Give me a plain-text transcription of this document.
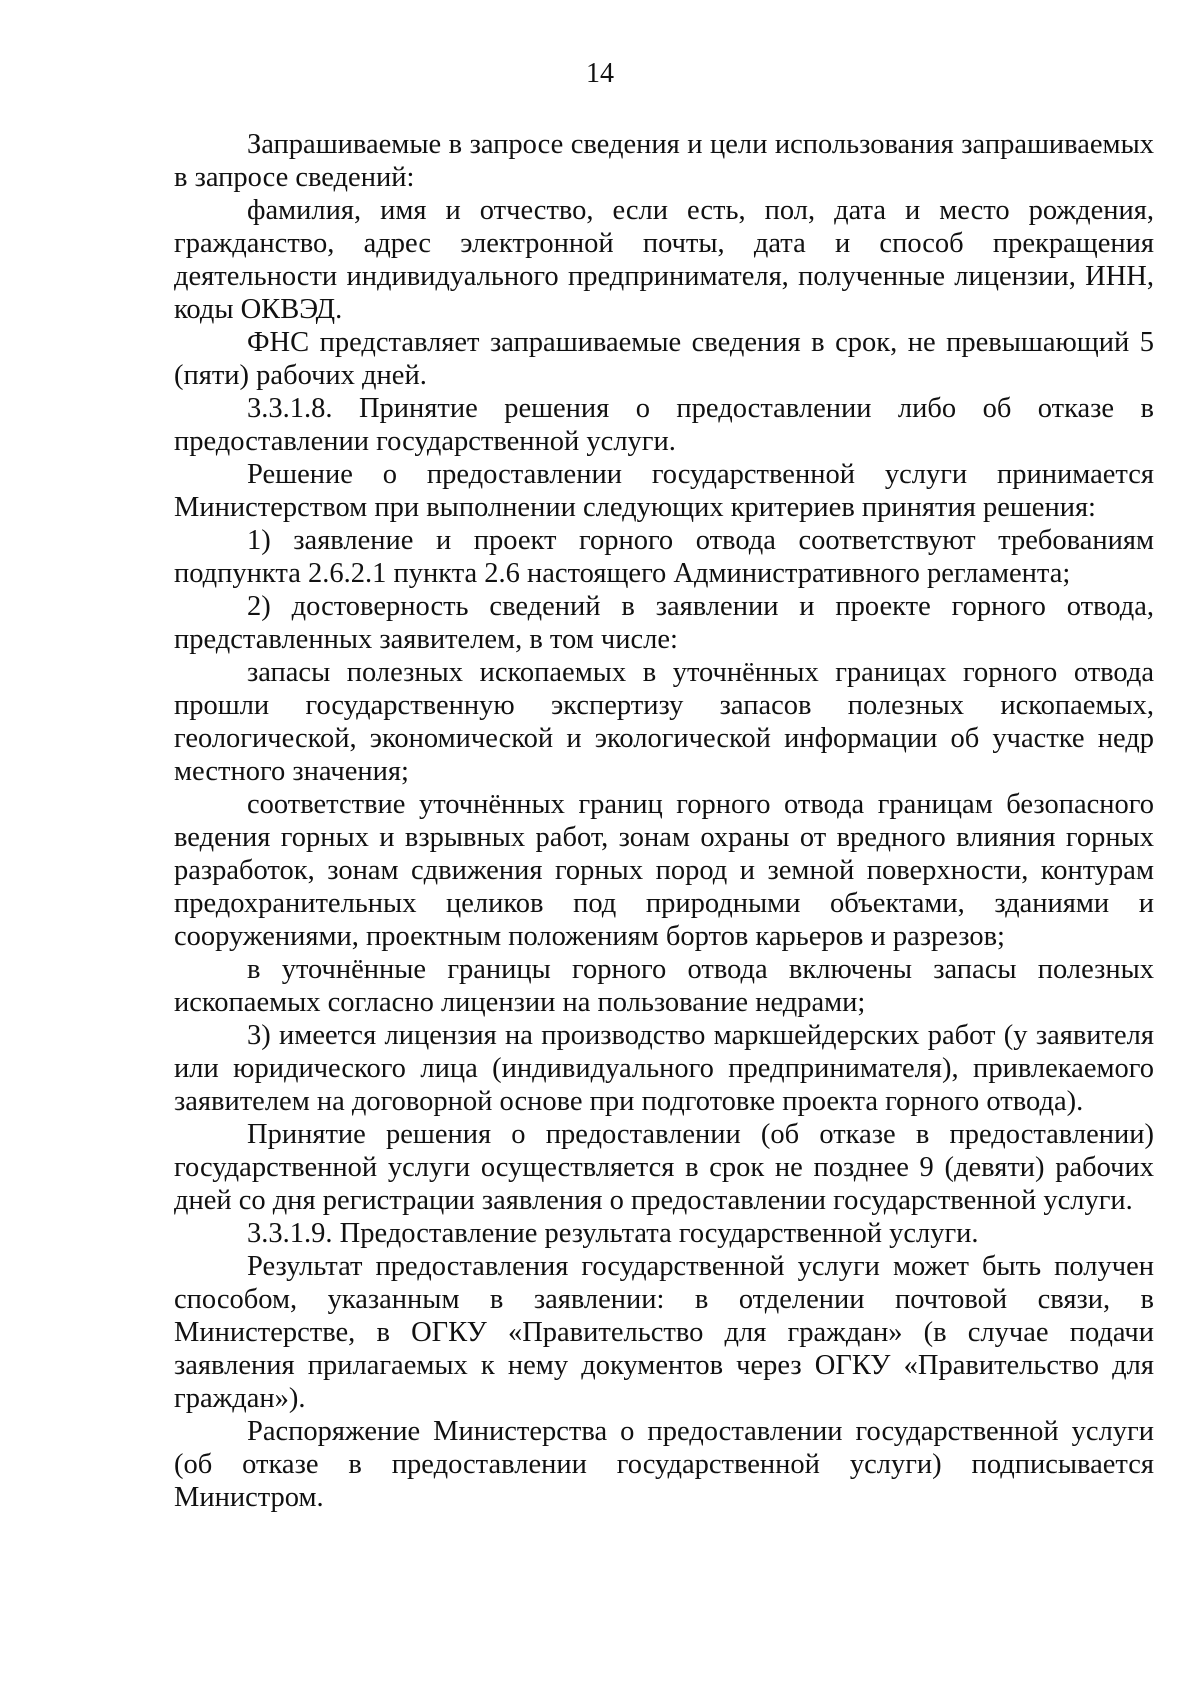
14

Запрашиваемые в запросе сведения и цели использования запрашиваемых в запросе сведений:

фамилия, имя и отчество, если есть, пол, дата и место рождения, гражданство, адрес электронной почты, дата и способ прекращения деятельности индивидуального предпринимателя, полученные лицензии, ИНН, коды ОКВЭД.

ФНС представляет запрашиваемые сведения в срок, не превышающий 5 (пяти) рабочих дней.

3.3.1.8. Принятие решения о предоставлении либо об отказе в предоставлении государственной услуги.

Решение о предоставлении государственной услуги принимается Министерством при выполнении следующих критериев принятия решения:

1) заявление и проект горного отвода соответствуют требованиям подпункта 2.6.2.1 пункта 2.6 настоящего Административного регламента;

2) достоверность сведений в заявлении и проекте горного отвода, представленных заявителем, в том числе:

запасы полезных ископаемых в уточнённых границах горного отвода прошли государственную экспертизу запасов полезных ископаемых, геологической, экономической и экологической информации об участке недр местного значения;

соответствие уточнённых границ горного отвода границам безопасного ведения горных и взрывных работ, зонам охраны от вредного влияния горных разработок, зонам сдвижения горных пород и земной поверхности, контурам предохранительных целиков под природными объектами, зданиями и сооружениями, проектным положениям бортов карьеров и разрезов;

в уточнённые границы горного отвода включены запасы полезных ископаемых согласно лицензии на пользование недрами;

3) имеется лицензия на производство маркшейдерских работ (у заявителя или юридического лица (индивидуального предпринимателя), привлекаемого заявителем на договорной основе при подготовке проекта горного отвода).

Принятие решения о предоставлении (об отказе в предоставлении) государственной услуги осуществляется в срок не позднее 9 (девяти) рабочих дней со дня регистрации заявления о предоставлении государственной услуги.

3.3.1.9. Предоставление результата государственной услуги.

Результат предоставления государственной услуги может быть получен способом, указанным в заявлении: в отделении почтовой связи, в Министерстве, в ОГКУ «Правительство для граждан» (в случае подачи заявления прилагаемых к нему документов через ОГКУ «Правительство для граждан»).

Распоряжение Министерства о предоставлении государственной услуги (об отказе в предоставлении государственной услуги) подписывается Министром.
